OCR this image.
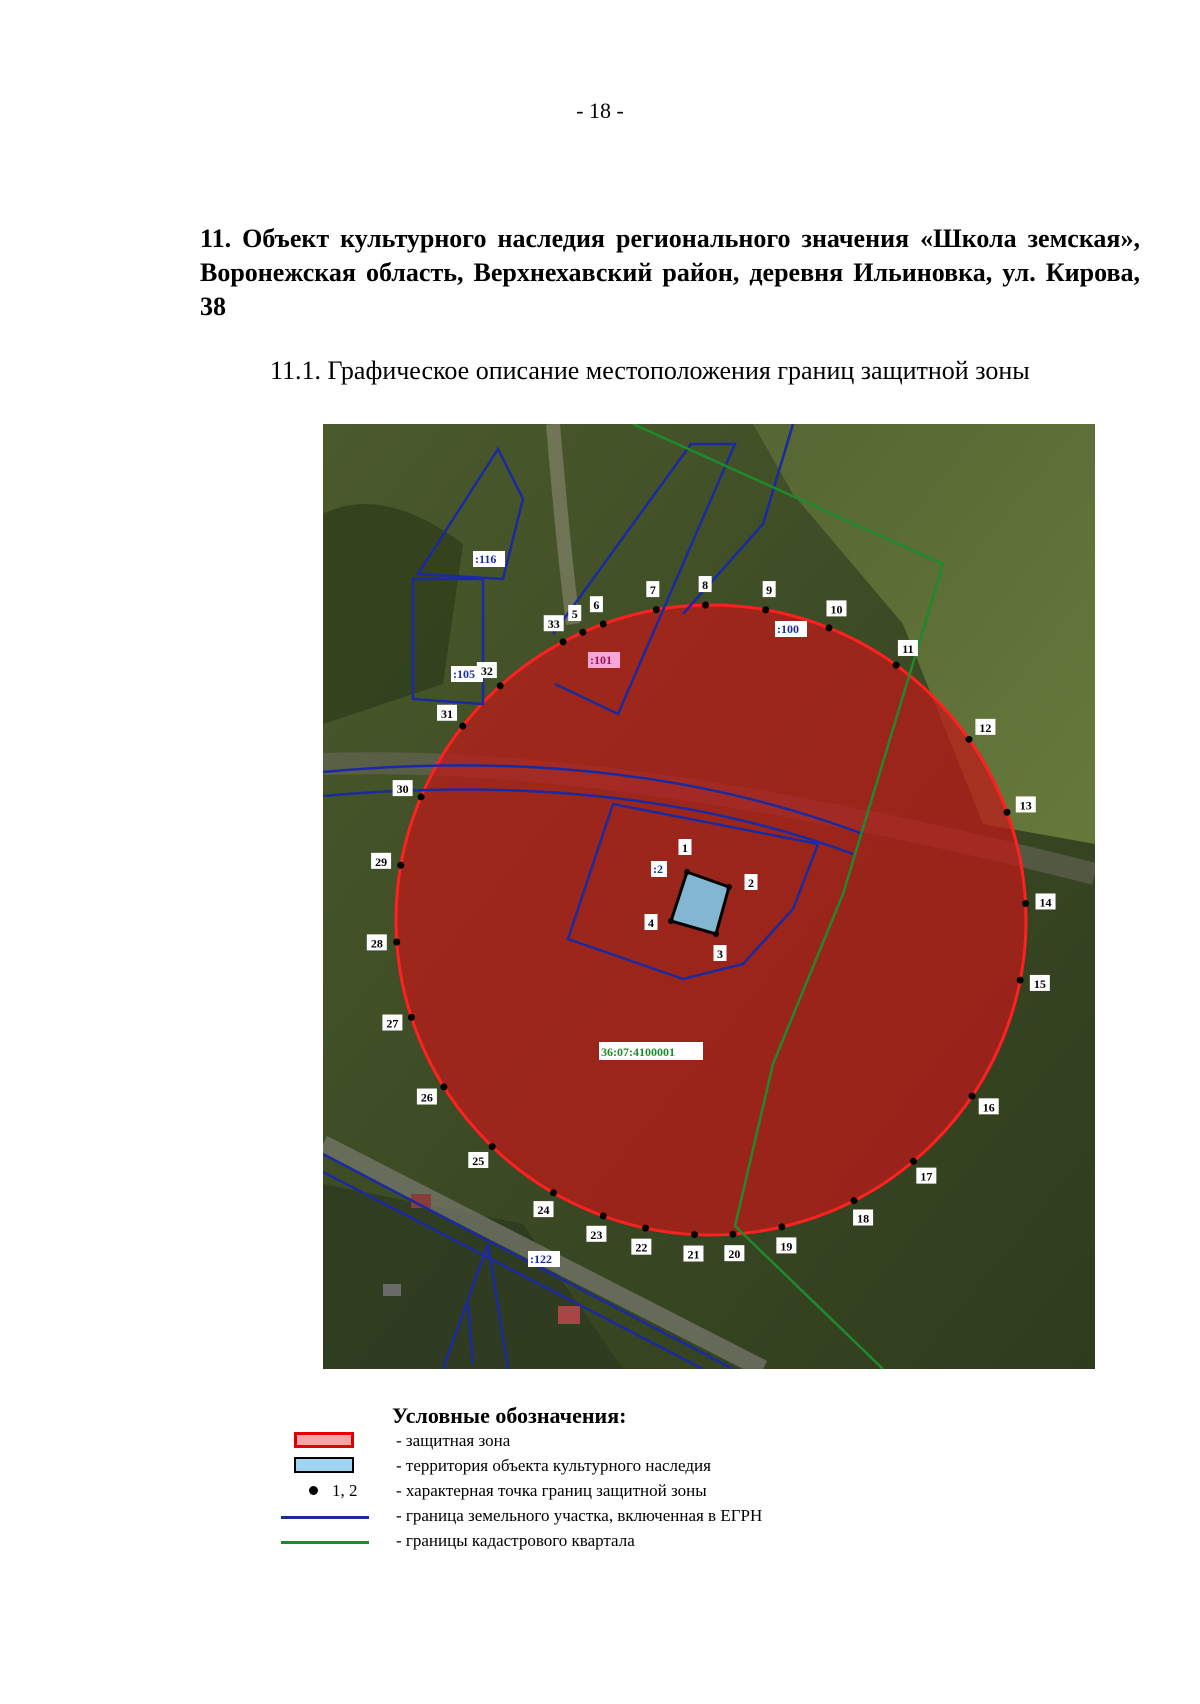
- 18 -
11. Объект культурного наследия регионального значения «Школа земская», Воронежская область, Верхнехавский район, деревня Ильиновка, ул. Кирова, 38
11.1. Графическое описание местоположения границ защитной зоны
:116
:105
:101
:100
:2
:122
36:07:4100001
1
2
3
4
5
6
7	8	9
10
11
12
13
14
15
16
17
18
19
20
21
22
23
24
25
26
27
28
29
30
31
32
33
Условные обозначения:
- защитная зона
- территория объекта культурного наследия
1, 2 - характерная точка границ защитной зоны
- граница земельного участка, включенная в ЕГРН
- границы кадастрового квартала
